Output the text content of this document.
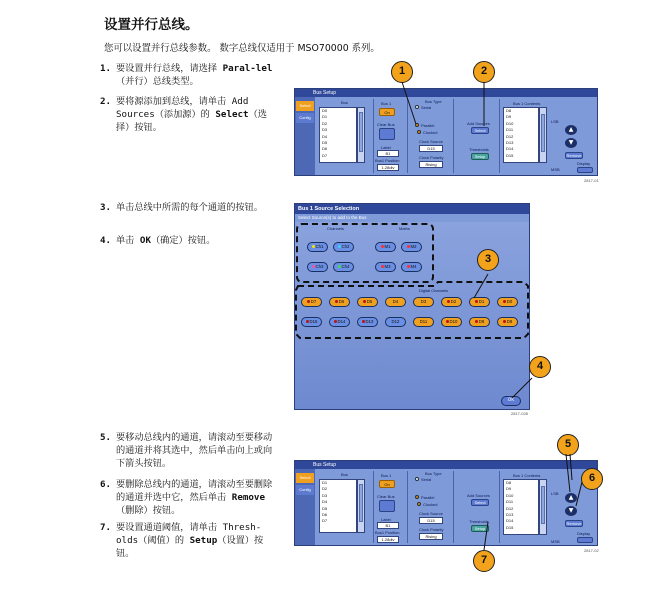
设置并行总线。
您可以设置并行总线参数。 数字总线仅适用于 MSO70000 系列。
1. 要设置并行总线，请选择 Paral-lel（并行）总线类型。
2. 要将源添加到总线，请单击 Add Sources（添加源）的 Select（选择）按钮。
3. 单击总线中所需的每个通道的按钮。
4. 单击 OK（确定）按钮。
5. 要移动总线内的通道，请滚动至要移动的通道并将其选中，然后单击向上或向下箭头按钮。
6. 要删除总线内的通道，请滚动至要删除的通道并选中它，然后单击 Remove（删除）按钮。
7. 要设置通道阈值，请单击 Thresh-olds（阈值）的 Setup（设置）按钮。
Bus Setup
Select
Config
Bus
D0
D1
D2
D3
D4
D5
D6
D7
Bus 1
On
Clear Bus
Label
B1
Bus1 Position
1.28div
Bus Type
Serial
Parallel
Clocked
Clock Source
D15
Clock Polarity
Rising
Add Sources
Select
Thresholds
Setup
Bus 1 Contents
D8
D9
D10
D11
D12
D13
D14
D15
LSB
MSB
▲
▼
Remove
Display
2817-01
1	2
Bus 1 Source Selection
Select Source(s) to add to the Bus
Channels	Maths
Ch1	Ch2
Ch3	Ch4
M1	M2
M3	M4
Digital Channels
D7	D6	D5	D4	D3	D2	D1	D0
D15	D14	D13	D12	D11	D10	D9	D8
OK
2817-028
3
4
Bus Setup
Select
Config
Bus
D1
D2
D3
D4
D5
D6
D7
Bus 1
On
Clear Bus
Label
B1
Bus1 Position
1.28div
Bus Type
Serial
Parallel
Clocked
Clock Source
D15
Clock Polarity
Rising
Add Sources
Select
Thresholds
Setup
Bus 1 Contents
D8
D9
D10
D11
D12
D13
D14
D15
LSB
MSB
▲
▼
Remove
Display
2817-02
5
6
7
